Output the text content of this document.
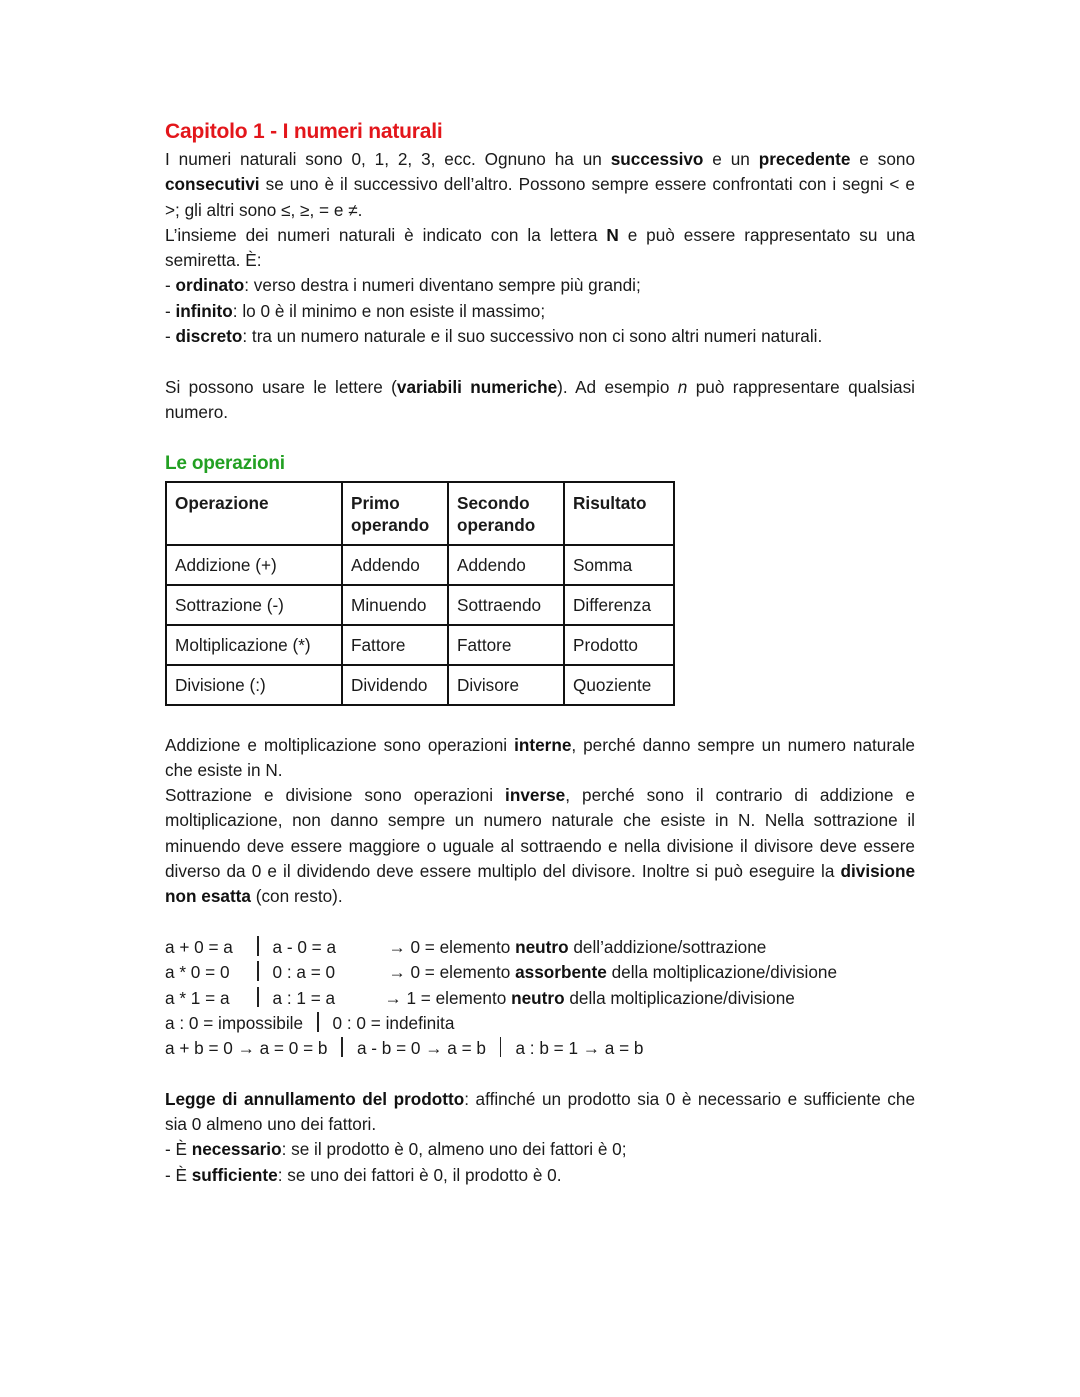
Capitolo 1 - I numeri naturali

I numeri naturali sono 0, 1, 2, 3, ecc. Ognuno ha un successivo e un precedente e sono consecutivi se uno è il successivo dell’altro. Possono sempre essere confrontati con i segni < e >; gli altri sono ≤, ≥, = e ≠.

L’insieme dei numeri naturali è indicato con la lettera N e può essere rappresentato su una semiretta. È:

- ordinato: verso destra i numeri diventano sempre più grandi;
- infinito: lo 0 è il minimo e non esiste il massimo;
- discreto: tra un numero naturale e il suo successivo non ci sono altri numeri naturali.

Si possono usare le lettere (variabili numeriche). Ad esempio n può rappresentare qualsiasi numero.

Le operazioni
Operazione	Primo operando	Secondo operando	Risultato
Addizione (+)	Addendo	Addendo	Somma
Sottrazione (-)	Minuendo	Sottraendo	Differenza
Moltiplicazione (*)	Fattore	Fattore	Prodotto
Divisione (:)	Dividendo	Divisore	Quoziente

Addizione e moltiplicazione sono operazioni interne, perché danno sempre un numero naturale che esiste in N.

Sottrazione e divisione sono operazioni inverse, perché sono il contrario di addizione e moltiplicazione, non danno sempre un numero naturale che esiste in N. Nella sottrazione il minuendo deve essere maggiore o uguale al sottraendo e nella divisione il divisore deve essere diverso da 0 e il dividendo deve essere multiplo del divisore. Inoltre si può eseguire la divisione non esatta (con resto).

a + 0 = a a - 0 = a	→ 0 = elemento neutro dell’addizione/sottrazione
a * 0 = 0 0 : a = 0	→ 0 = elemento assorbente della moltiplicazione/divisione
a * 1 = a a : 1 = a	→ 1 = elemento neutro della moltiplicazione/divisione
a : 0 = impossibile 0 : 0 = indefinita
a + b = 0 → a = 0 = b a - b = 0 → a = b a : b = 1 → a = b

Legge di annullamento del prodotto: affinché un prodotto sia 0 è necessario e sufficiente che sia 0 almeno uno dei fattori.

- È necessario: se il prodotto è 0, almeno uno dei fattori è 0;
- È sufficiente: se uno dei fattori è 0, il prodotto è 0.
